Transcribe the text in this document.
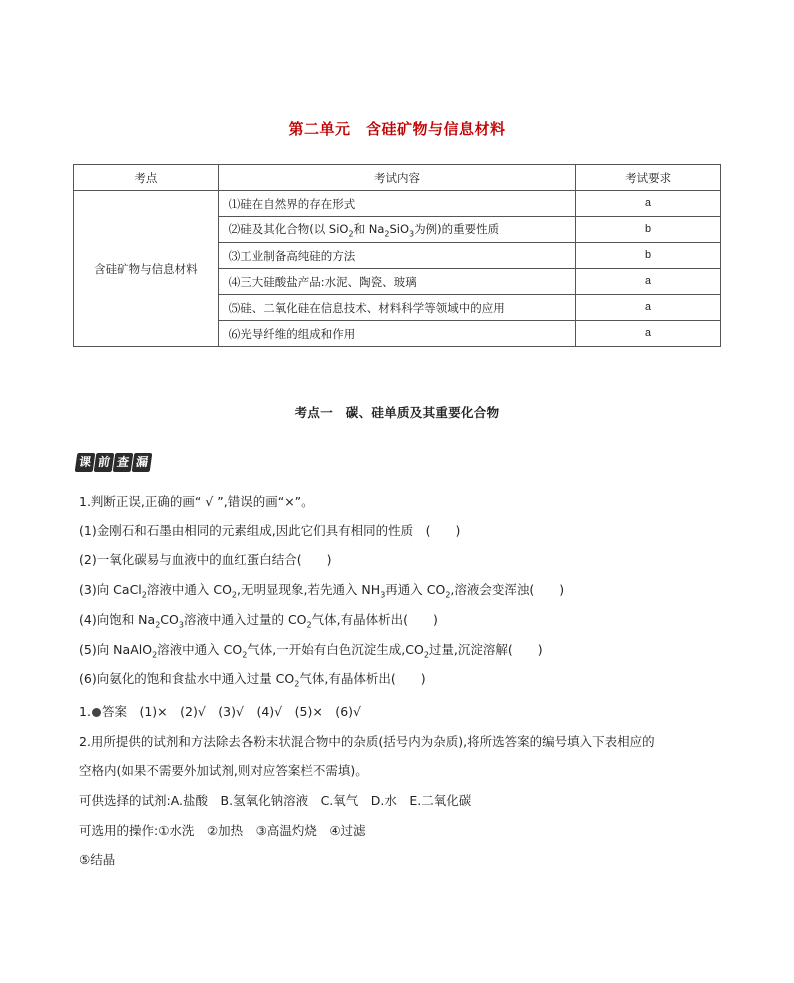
第二单元　含硅矿物与信息材料
考点	考试内容	考试要求
含硅矿物与信息材料	⑴硅在自然界的存在形式	a
	⑵硅及其化合物(以 SiO$_2$和 $Na_2SiO_3$为例)的重要性质	b
	⑶工业制备高纯硅的方法	b
	⑷三大硅酸盐产品:水泥、陶瓷、玻璃	a
	⑸硅、二氧化硅在信息技术、材料科学等领域中的应用	a
	⑹光导纤维的组成和作用	a
考点一　碳、硅单质及其重要化合物
课 前 查 漏
1.判断正误,正确的画“ √ ”,错误的画“×”。
(1)金刚石和石墨由相同的元素组成,因此它们具有相同的性质　(　　)
(2)一氧化碳易与血液中的血红蛋白结合(　　)
(3)向 CaCl$_2$溶液中通入 $CO_2$,无明显现象,若先通入 $NH_3$再通入 $CO_2$,溶液会变浑浊(　　)
(4)向饱和 $Na_2CO_3$溶液中通入过量的 $CO_2$气体,有晶体析出(　　)
(5)向 NaAlO$_2$溶液中通入 $CO_2$气体,一开始有白色沉淀生成$,CO_2$过量,沉淀溶解(　　)
(6)向氨化的饱和食盐水中通入过量 $CO_2$气体,有晶体析出(　　)
1. 答案　(1)×　(2)√　(3)√　(4)√　(5)×　(6)√
2.用所提供的试剂和方法除去各粉末状混合物中的杂质(括号内为杂质),将所选答案的编号填入下表相应的
空格内(如果不需要外加试剂,则对应答案栏不需填)。
可供选择的试剂:A.盐酸　B.氢氧化钠溶液　C.氧气　D.水　E.二氧化碳
可选用的操作:①水洗　②加热　③高温灼烧　④过滤
⑤结晶
